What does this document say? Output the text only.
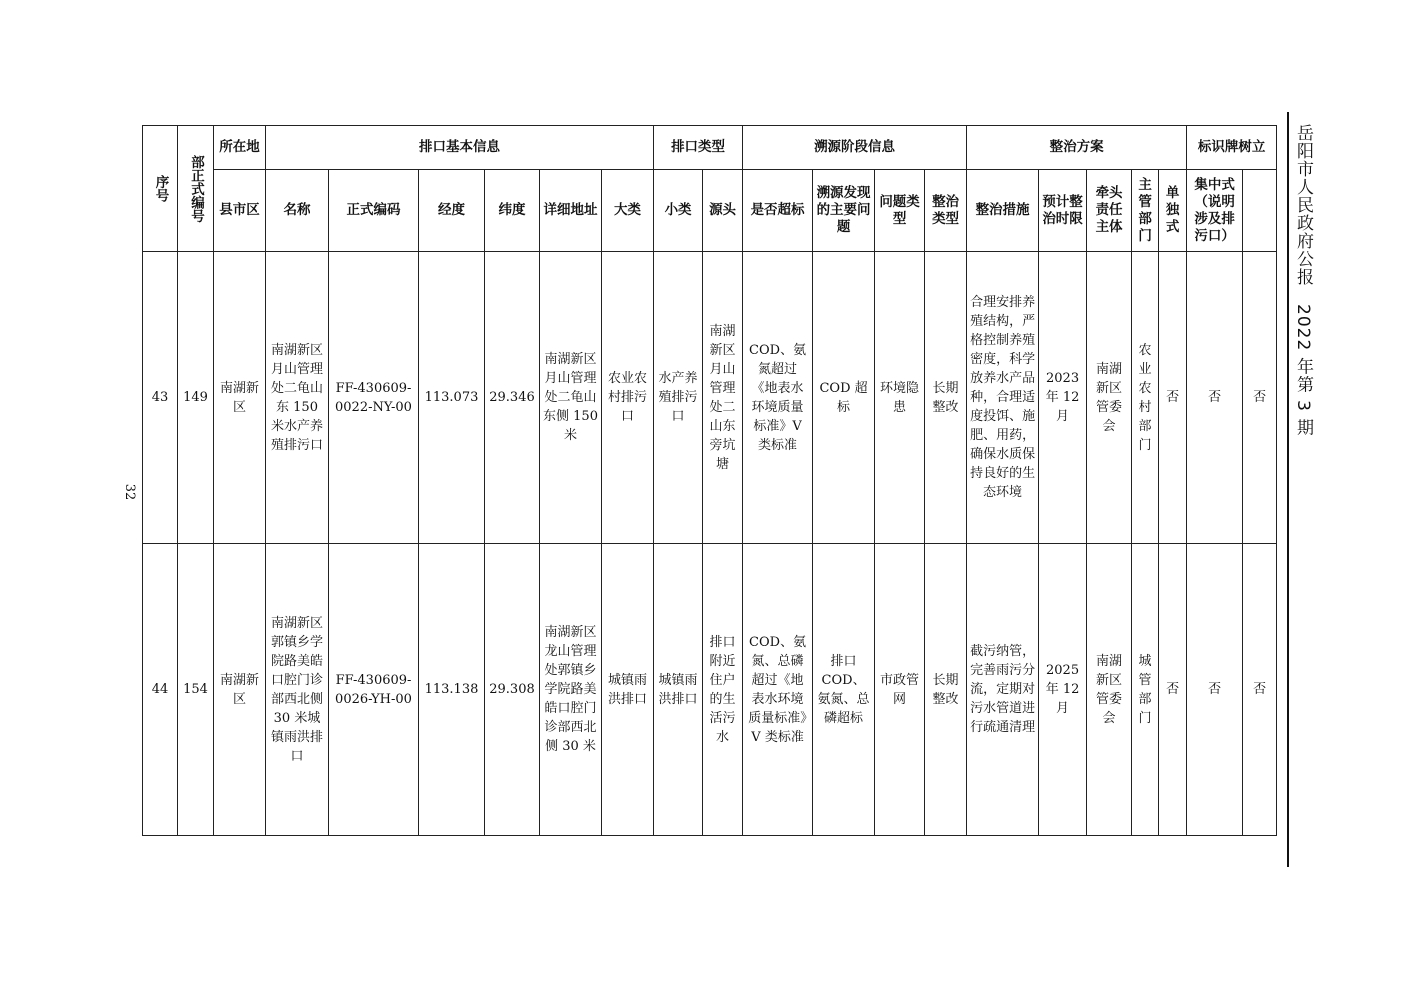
32
岳阳市人民政府公报　2022 年第 3 期
序号	部正式编号	所在地	排口基本信息						排口类型		溯源阶段信息				整治方案					标识牌树立	
		县市区	名称	正式编码	经度	纬度	详细地址	大类	小类	源头	是否超标	溯源发现的主要问题	问题类型	整治类型	整治措施	预计整治时限	牵头责任主体	主管部门	单独式	集中式（说明涉及排污口）		
43	149	南湖新区	南湖新区月山管理处二龟山东 150 米水产养殖排污口	FF-430609-0022-NY-00	113.073	29.346	南湖新区月山管理处二龟山东侧 150 米	农业农村排污口	水产养殖排污口	南湖新区月山管理处二山东旁坑塘	COD、氨氮超过《地表水环境质量标准》V 类标准	COD 超标	环境隐患	长期整改	合理安排养殖结构，严格控制养殖密度，科学放养水产品种，合理适度投饵、施肥、用药，确保水质保持良好的生态环境	2023 年 12 月	南湖新区管委会	农业农村部门	否	否	否	
44	154	南湖新区	南湖新区郭镇乡学院路美皓口腔门诊部西北侧 30 米城镇雨洪排口	FF-430609-0026-YH-00	113.138	29.308	南湖新区龙山管理处郭镇乡学院路美皓口腔门诊部西北侧 30 米	城镇雨洪排口	城镇雨洪排口	排口附近住户的生活污水	COD、氨氮、总磷超过《地表水环境质量标准》V 类标准	排口 COD、氨氮、总磷超标	市政管网	长期整改	截污纳管，完善雨污分流，定期对污水管道进行疏通清理	2025 年 12 月	南湖新区管委会	城管部门	否	否	否	
